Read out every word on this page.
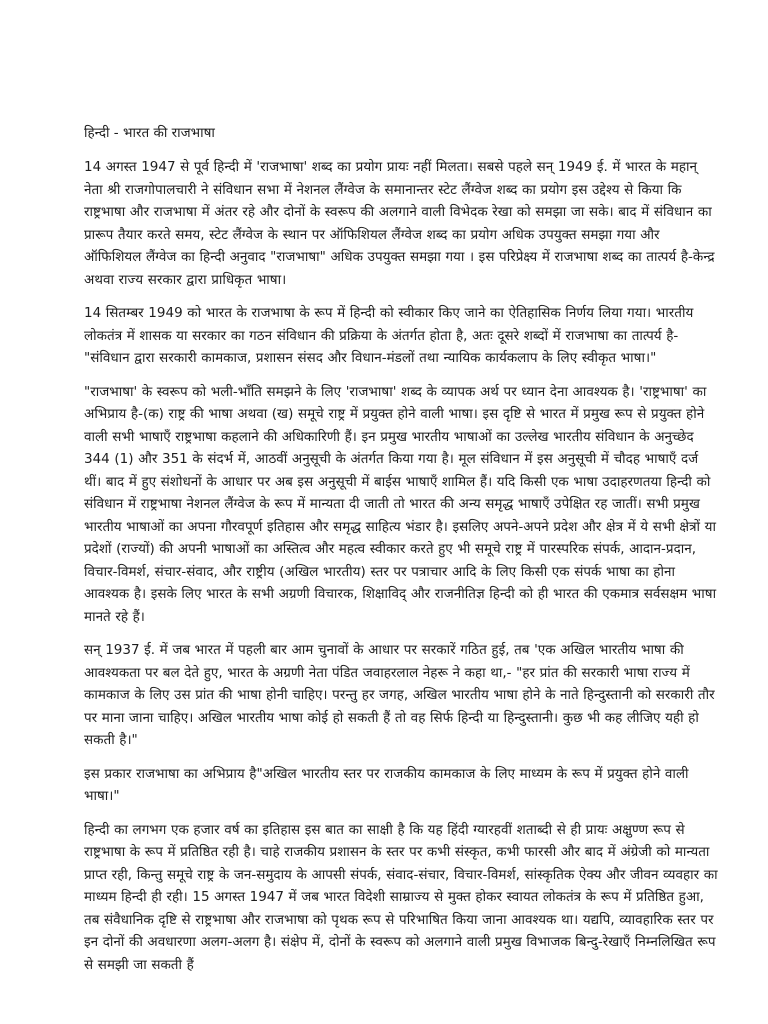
हिन्दी - भारत की राजभाषा

14 अगस्त 1947 से पूर्व हिन्दी में 'राजभाषा' शब्द का प्रयोग प्रायः नहीं मिलता। सबसे पहले सन् 1949 ई. में भारत के महान् नेता श्री राजगोपालचारी ने संविधान सभा में नेशनल लैंग्वेज के समानान्तर स्टेट लैंग्वेज शब्द का प्रयोग इस उद्देश्य से किया कि राष्ट्रभाषा और राजभाषा में अंतर रहे और दोनों के स्वरूप की अलगाने वाली विभेदक रेखा को समझा जा सके। बाद में संविधान का प्रारूप तैयार करते समय, स्टेट लैंग्वेज के स्थान पर ऑफिशियल लैंग्वेज शब्द का प्रयोग अधिक उपयुक्त समझा गया और ऑफिशियल लैंग्वेज का हिन्दी अनुवाद "राजभाषा" अधिक उपयुक्त समझा गया । इस परिप्रेक्ष्य में राजभाषा शब्द का तात्पर्य है-केन्द्र अथवा राज्य सरकार द्वारा प्राधिकृत भाषा।

14 सितम्बर 1949 को भारत के राजभाषा के रूप में हिन्दी को स्वीकार किए जाने का ऐतिहासिक निर्णय लिया गया। भारतीय लोकतंत्र में शासक या सरकार का गठन संविधान की प्रक्रिया के अंतर्गत होता है, अतः दूसरे शब्दों में राजभाषा का तात्पर्य है- "संविधान द्वारा सरकारी कामकाज, प्रशासन संसद और विधान-मंडलों तथा न्यायिक कार्यकलाप के लिए स्वीकृत भाषा।"

"राजभाषा' के स्वरूप को भली-भाँति समझने के लिए 'राजभाषा' शब्द के व्यापक अर्थ पर ध्यान देना आवश्यक है। 'राष्ट्रभाषा' का अभिप्राय है-(क) राष्ट्र की भाषा अथवा (ख) समूचे राष्ट्र में प्रयुक्त होने वाली भाषा। इस दृष्टि से भारत में प्रमुख रूप से प्रयुक्त होने वाली सभी भाषाएँ राष्ट्रभाषा कहलाने की अधिकारिणी हैं। इन प्रमुख भारतीय भाषाओं का उल्लेख भारतीय संविधान के अनुच्छेद 344 (1) और 351 के संदर्भ में, आठवीं अनुसूची के अंतर्गत किया गया है। मूल संविधान में इस अनुसूची में चौदह भाषाएँ दर्ज थीं। बाद में हुए संशोधनों के आधार पर अब इस अनुसूची में बाईस भाषाएँ शामिल हैं। यदि किसी एक भाषा उदाहरणतया हिन्दी को संविधान में राष्ट्रभाषा नेशनल लैंग्वेज के रूप में मान्यता दी जाती तो भारत की अन्य समृद्ध भाषाएँ उपेक्षित रह जातीं। सभी प्रमुख भारतीय भाषाओं का अपना गौरवपूर्ण इतिहास और समृद्ध साहित्य भंडार है। इसलिए अपने-अपने प्रदेश और क्षेत्र में ये सभी क्षेत्रों या प्रदेशों (राज्यों) की अपनी भाषाओं का अस्तित्व और महत्व स्वीकार करते हुए भी समूचे राष्ट्र में पारस्परिक संपर्क, आदान-प्रदान, विचार-विमर्श, संचार-संवाद, और राष्ट्रीय (अखिल भारतीय) स्तर पर पत्राचार आदि के लिए किसी एक संपर्क भाषा का होना आवश्यक है। इसके लिए भारत के सभी अग्रणी विचारक, शिक्षाविद् और राजनीतिज्ञ हिन्दी को ही भारत की एकमात्र सर्वसक्षम भाषा मानते रहे हैं।

सन् 1937 ई. में जब भारत में पहली बार आम चुनावों के आधार पर सरकारें गठित हुई, तब 'एक अखिल भारतीय भाषा की आवश्यकता पर बल देते हुए, भारत के अग्रणी नेता पंडित जवाहरलाल नेहरू ने कहा था,- "हर प्रांत की सरकारी भाषा राज्य में कामकाज के लिए उस प्रांत की भाषा होनी चाहिए। परन्तु हर जगह, अखिल भारतीय भाषा होने के नाते हिन्दुस्तानी को सरकारी तौर पर माना जाना चाहिए। अखिल भारतीय भाषा कोई हो सकती हैं तो वह सिर्फ हिन्दी या हिन्दुस्तानी। कुछ भी कह लीजिए यही हो सकती है।"

इस प्रकार राजभाषा का अभिप्राय है"अखिल भारतीय स्तर पर राजकीय कामकाज के लिए माध्यम के रूप में प्रयुक्त होने वाली भाषा।"

हिन्दी का लगभग एक हजार वर्ष का इतिहास इस बात का साक्षी है कि यह हिंदी ग्यारहवीं शताब्दी से ही प्रायः अक्षुण्ण रूप से राष्ट्रभाषा के रूप में प्रतिष्ठित रही है। चाहे राजकीय प्रशासन के स्तर पर कभी संस्कृत, कभी फारसी और बाद में अंग्रेजी को मान्यता प्राप्त रही, किन्तु समूचे राष्ट्र के जन-समुदाय के आपसी संपर्क, संवाद-संचार, विचार-विमर्श, सांस्कृतिक ऐक्य और जीवन व्यवहार का माध्यम हिन्दी ही रही। 15 अगस्त 1947 में जब भारत विदेशी साम्राज्य से मुक्त होकर स्वायत लोकतंत्र के रूप में प्रतिष्ठित हुआ, तब संवैधानिक दृष्टि से राष्ट्रभाषा और राजभाषा को पृथक रूप से परिभाषित किया जाना आवश्यक था। यद्यपि, व्यावहारिक स्तर पर इन दोनों की अवधारणा अलग-अलग है। संक्षेप में, दोनों के स्वरूप को अलगाने वाली प्रमुख विभाजक बिन्दु-रेखाएँ निम्नलिखित रूप से समझी जा सकती हैं
